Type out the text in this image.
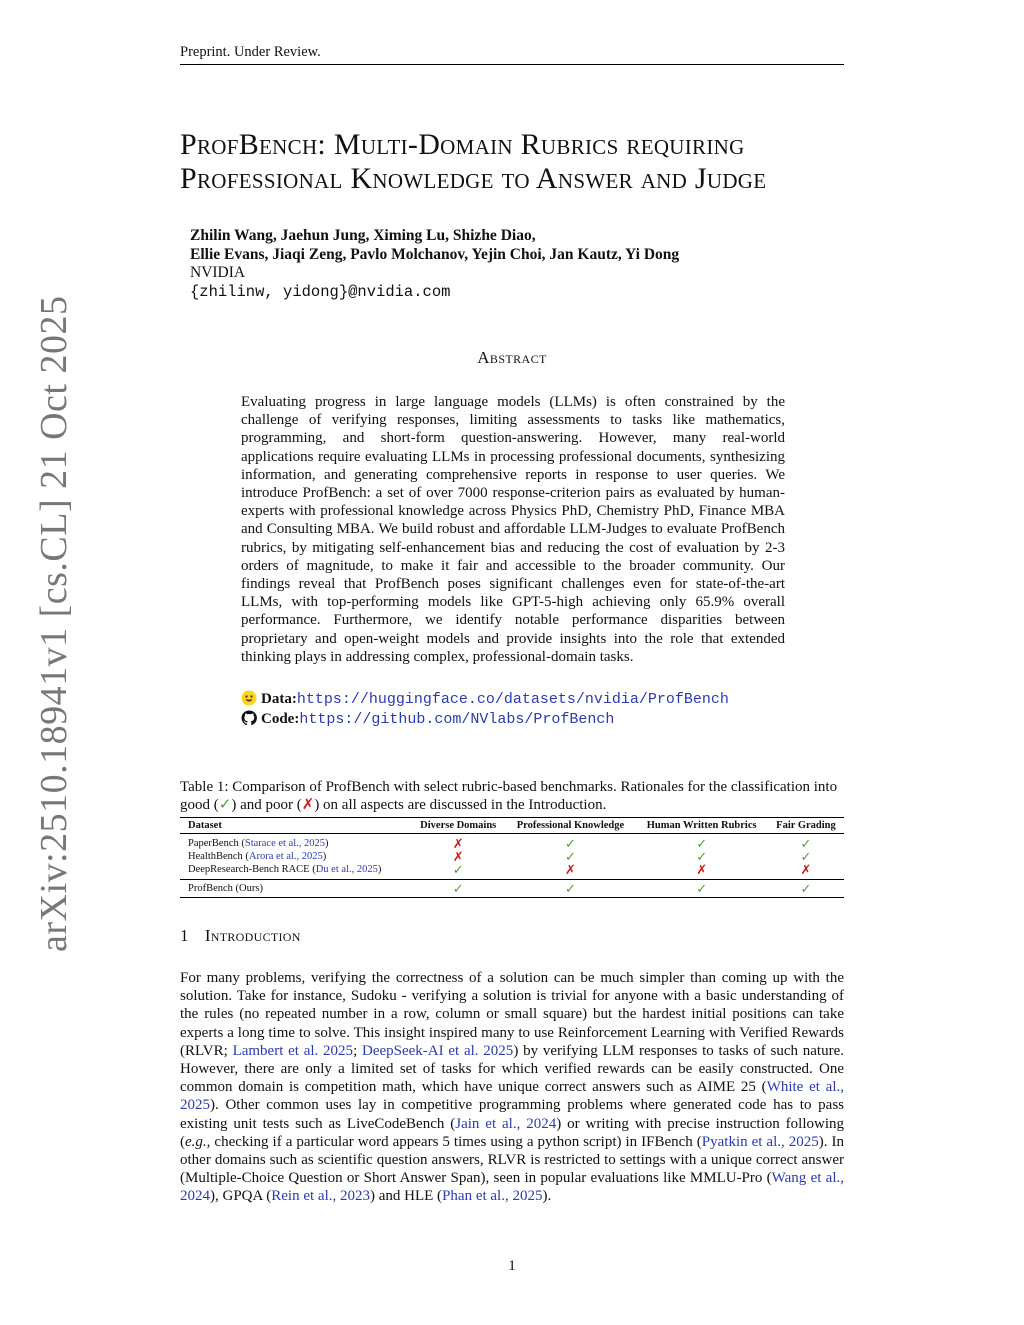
Preprint. Under Review.
ProfBench: Multi-Domain Rubrics requiring
Professional Knowledge to Answer and Judge
Zhilin Wang, Jaehun Jung, Ximing Lu, Shizhe Diao,
Ellie Evans, Jiaqi Zeng, Pavlo Molchanov, Yejin Choi, Jan Kautz, Yi Dong
NVIDIA
{zhilinw, yidong}@nvidia.com
Abstract
Evaluating progress in large language models (LLMs) is often constrained by the challenge of verifying responses, limiting assessments to tasks like mathematics, programming, and short-form question-answering. However, many real-world applications require evaluating LLMs in processing professional documents, synthesizing information, and generating comprehensive reports in response to user queries. We introduce ProfBench: a set of over 7000 response-criterion pairs as evaluated by human-experts with professional knowledge across Physics PhD, Chemistry PhD, Finance MBA and Consulting MBA. We build robust and affordable LLM-Judges to evaluate ProfBench rubrics, by mitigating self-enhancement bias and reducing the cost of evaluation by 2-3 orders of magnitude, to make it fair and accessible to the broader community. Our findings reveal that ProfBench poses significant challenges even for state-of-the-art LLMs, with top-performing models like GPT-5-high achieving only 65.9% overall performance. Furthermore, we identify notable performance disparities between proprietary and open-weight models and provide insights into the role that extended thinking plays in addressing complex, professional-domain tasks.
Data:https://huggingface.co/datasets/nvidia/ProfBench
Code:https://github.com/NVlabs/ProfBench
Table 1: Comparison of ProfBench with select rubric-based benchmarks. Rationales for the classification into good (✓) and poor (✗) on all aspects are discussed in the Introduction.
Dataset	Diverse Domains	Professional Knowledge	Human Written Rubrics	Fair Grading
PaperBench (Starace et al., 2025)	✗	✓	✓	✓
HealthBench (Arora et al., 2025)	✗	✓	✓	✓
DeepResearch-Bench RACE (Du et al., 2025)	✓	✗	✗	✗
ProfBench (Ours)	✓	✓	✓	✓
1 Introduction
For many problems, verifying the correctness of a solution can be much simpler than coming up with the solution. Take for instance, Sudoku - verifying a solution is trivial for anyone with a basic understanding of the rules (no repeated number in a row, column or small square) but the hardest initial positions can take experts a long time to solve. This insight inspired many to use Reinforcement Learning with Verified Rewards (RLVR; Lambert et al. 2025; DeepSeek-AI et al. 2025) by verifying LLM responses to tasks of such nature. However, there are only a limited set of tasks for which verified rewards can be easily constructed. One common domain is competition math, which have unique correct answers such as AIME 25 (White et al., 2025). Other common uses lay in competitive programming problems where generated code has to pass existing unit tests such as LiveCodeBench (Jain et al., 2024) or writing with precise instruction following (e.g., checking if a particular word appears 5 times using a python script) in IFBench (Pyatkin et al., 2025). In other domains such as scientific question answers, RLVR is restricted to settings with a unique correct answer (Multiple-Choice Question or Short Answer Span), seen in popular evaluations like MMLU-Pro (Wang et al., 2024), GPQA (Rein et al., 2023) and HLE (Phan et al., 2025).
1
arXiv:2510.18941v1 [cs.CL] 21 Oct 2025
